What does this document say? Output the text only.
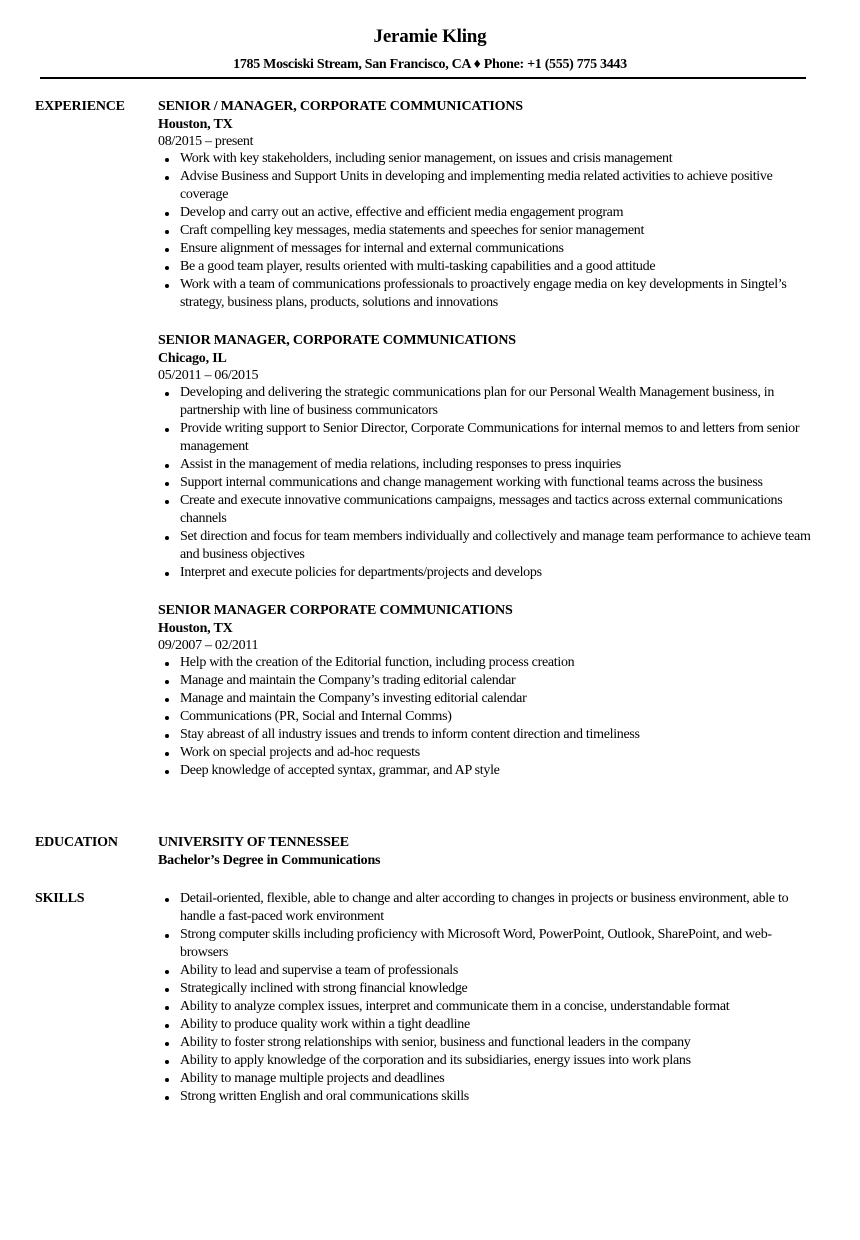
Jeramie Kling
1785 Mosciski Stream, San Francisco, CA ♦ Phone: +1 (555) 775 3443
EXPERIENCE SENIOR / MANAGER, CORPORATE COMMUNICATIONS
Houston, TX
08/2015 – present
Work with key stakeholders, including senior management, on issues and crisis management
Advise Business and Support Units in developing and implementing media related activities to achieve positive coverage
Develop and carry out an active, effective and efficient media engagement program
Craft compelling key messages, media statements and speeches for senior management
Ensure alignment of messages for internal and external communications
Be a good team player, results oriented with multi-tasking capabilities and a good attitude
Work with a team of communications professionals to proactively engage media on key developments in Singtel’s strategy, business plans, products, solutions and innovations
SENIOR MANAGER, CORPORATE COMMUNICATIONS
Chicago, IL
05/2011 – 06/2015
Developing and delivering the strategic communications plan for our Personal Wealth Management business, in partnership with line of business communicators
Provide writing support to Senior Director, Corporate Communications for internal memos to and letters from senior management
Assist in the management of media relations, including responses to press inquiries
Support internal communications and change management working with functional teams across the business
Create and execute innovative communications campaigns, messages and tactics across external communications channels
Set direction and focus for team members individually and collectively and manage team performance to achieve team and business objectives
Interpret and execute policies for departments/projects and develops
SENIOR MANAGER CORPORATE COMMUNICATIONS
Houston, TX
09/2007 – 02/2011
Help with the creation of the Editorial function, including process creation
Manage and maintain the Company’s trading editorial calendar
Manage and maintain the Company’s investing editorial calendar
Communications (PR, Social and Internal Comms)
Stay abreast of all industry issues and trends to inform content direction and timeliness
Work on special projects and ad-hoc requests
Deep knowledge of accepted syntax, grammar, and AP style
EDUCATION	UNIVERSITY OF TENNESSEE
Bachelor’s Degree in Communications
SKILLS	Detail-oriented, flexible, able to change and alter according to changes in projects or business environment, able to handle a fast-paced work environment
Strong computer skills including proficiency with Microsoft Word, PowerPoint, Outlook, SharePoint, and web-browsers
Ability to lead and supervise a team of professionals
Strategically inclined with strong financial knowledge
Ability to analyze complex issues, interpret and communicate them in a concise, understandable format
Ability to produce quality work within a tight deadline
Ability to foster strong relationships with senior, business and functional leaders in the company
Ability to apply knowledge of the corporation and its subsidiaries, energy issues into work plans
Ability to manage multiple projects and deadlines
Strong written English and oral communications skills
